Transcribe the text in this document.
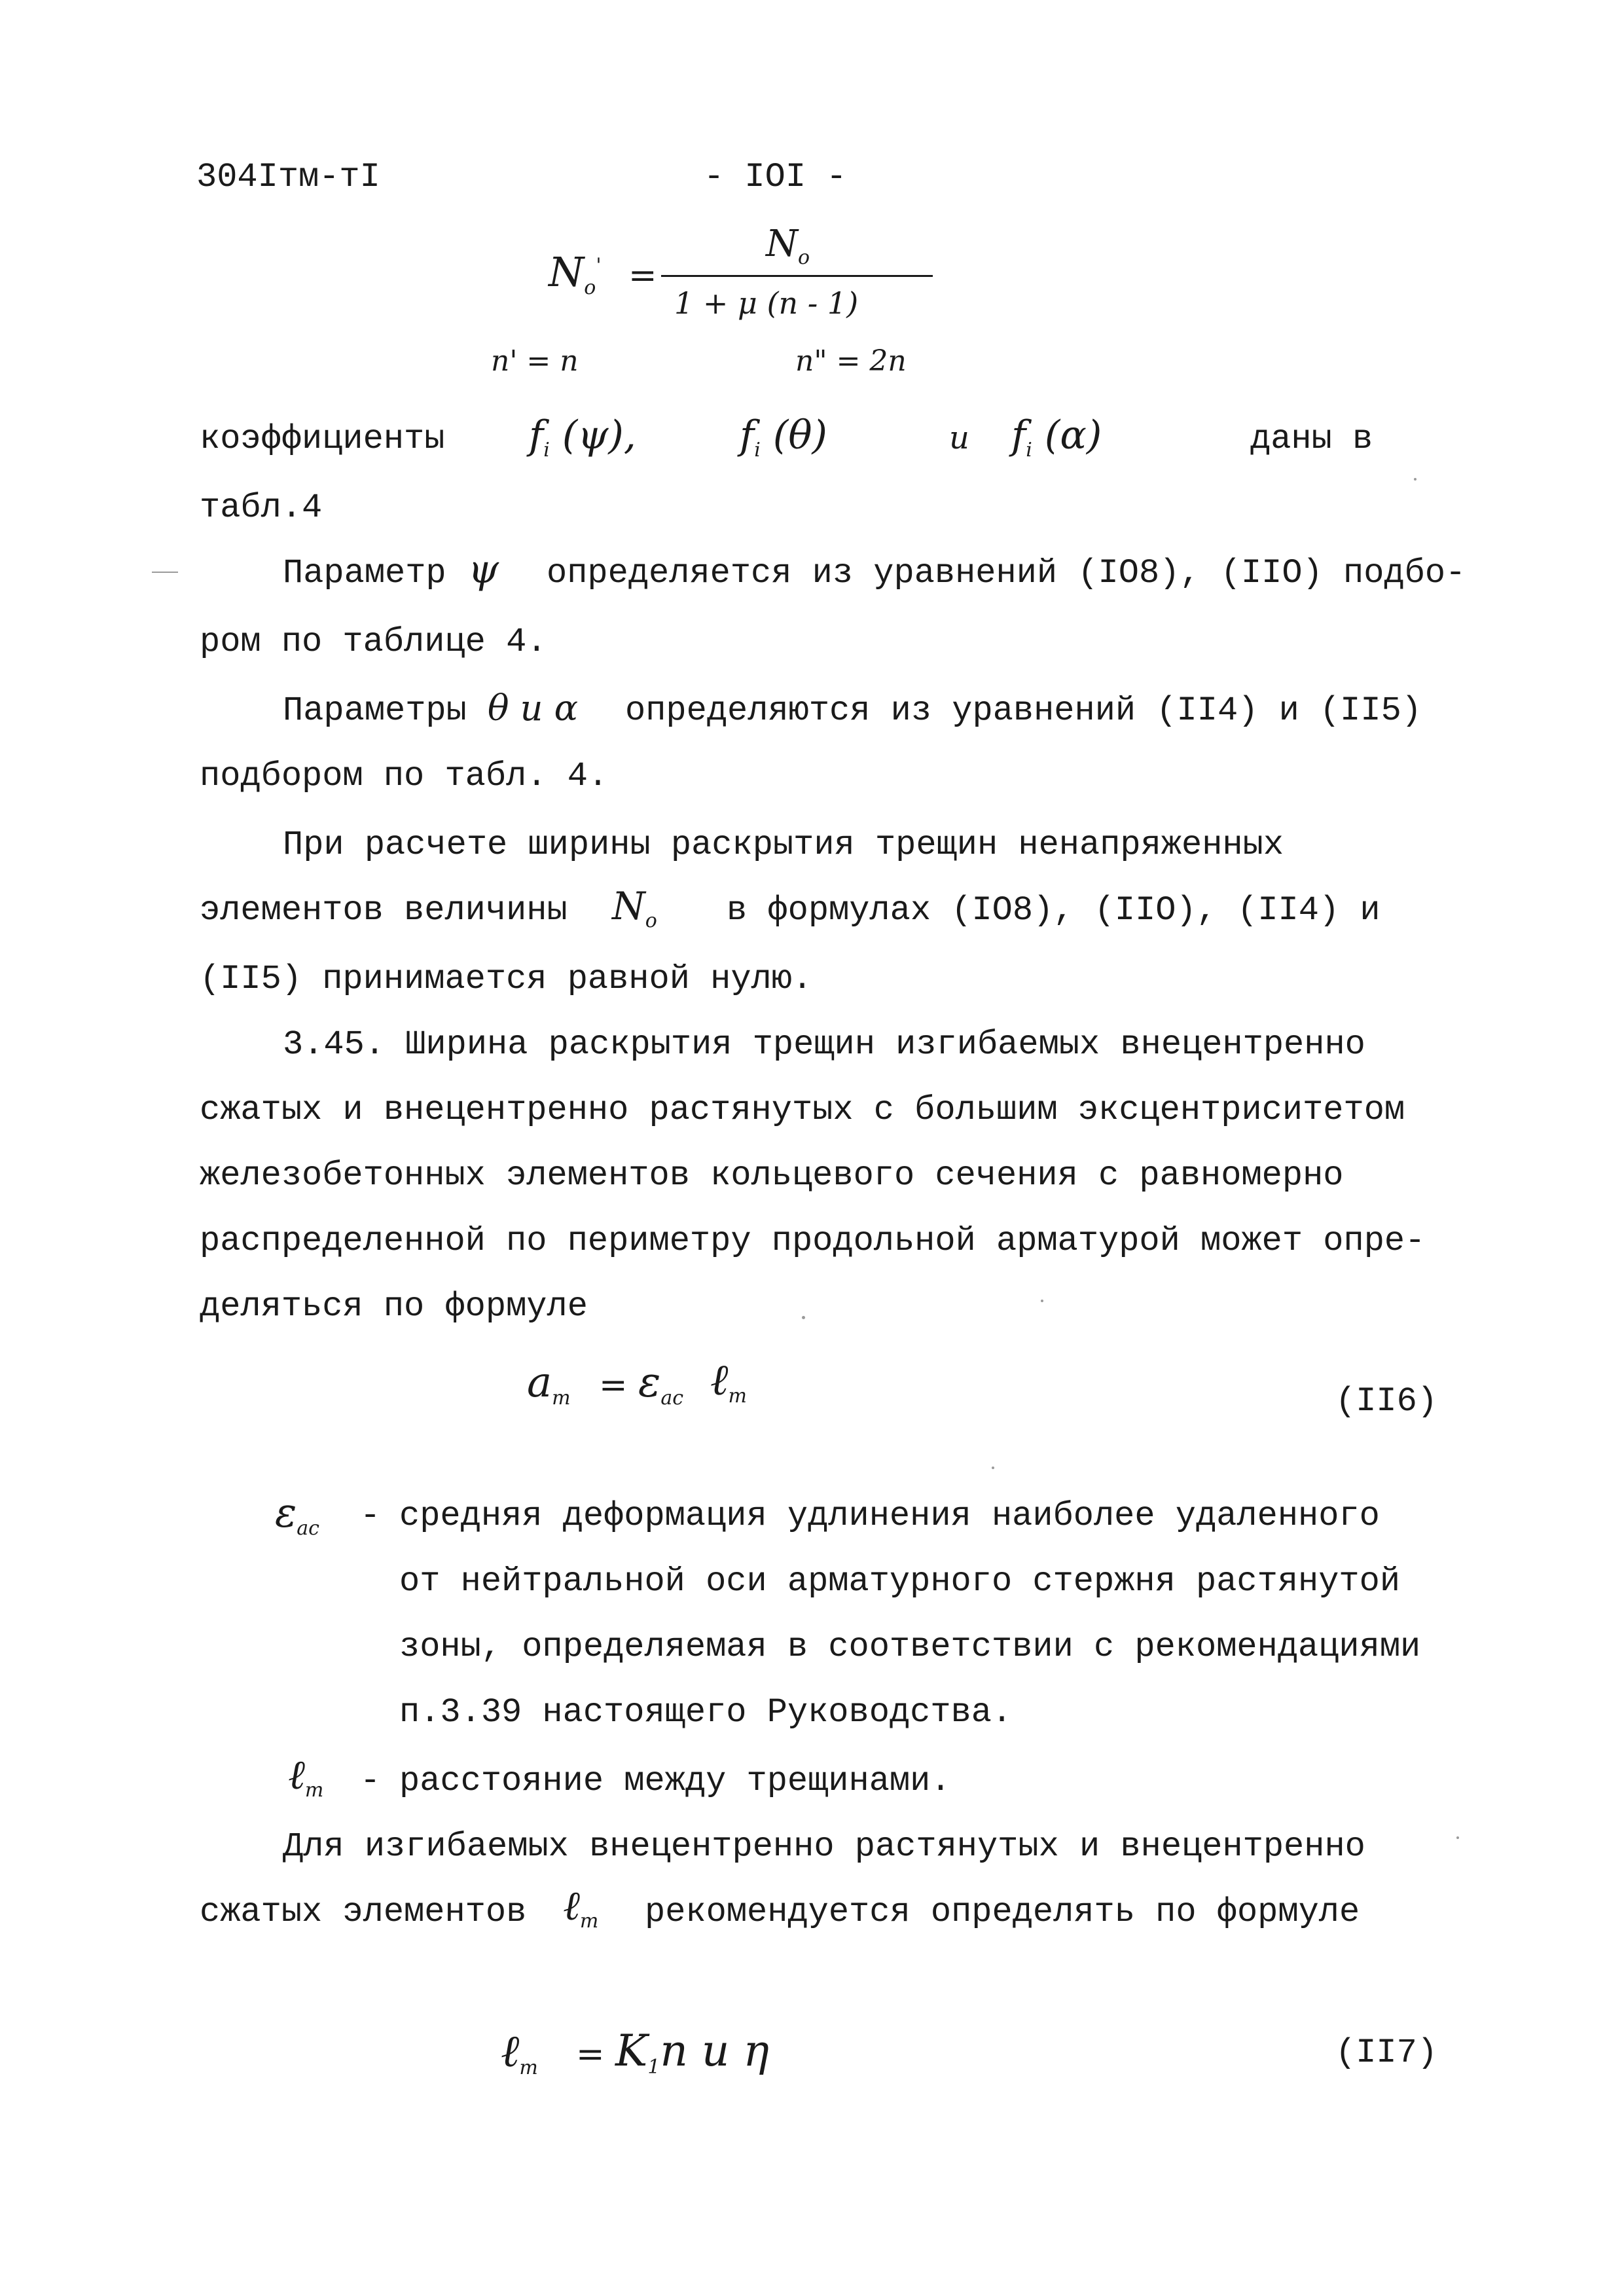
304Iтм-тI	- IOI -
$N_o'$ =
$N_o$
1 + μ (n - 1)
n' = n	n" = 2n
коэффициенты $f_i$ (ψ),	$f_i$ (θ)	и $f_i$ (α)	даны в
табл.4
Параметр ψ определяется из уравнений (IO8), (IIO) подбо-
ром по таблице 4.
Параметры θ и α определяются из уравнений (II4) и (II5)
подбором по табл. 4.
При расчете ширины раскрытия трещин ненапряженных
элементов величины $N_o$ в формулах (IO8), (IIO), (II4) и
(II5) принимается равной нулю.
3.45. Ширина раскрытия трещин изгибаемых внецентренно
сжатых и внецентренно растянутых с большим эксцентриситетом
железобетонных элементов кольцевого сечения с равномерно
распределенной по периметру продольной арматурой может опре-
деляться по формуле
$a_т = \varepsilon_{ac}$ ℓ$_т$	(II6)
$\varepsilon_{ac}$ - средняя деформация удлинения наиболее удаленного
от нейтральной оси арматурного стержня растянутой
зоны, определяемая в соответствии с рекомендациями
п.3.39 настоящего Руководства.
ℓ$_т$ - расстояние между трещинами.
Для изгибаемых внецентренно растянутых и внецентренно
сжатых элементов ℓ$_т$ рекомендуется определять по формуле
ℓ$_т$ = $K_1n$ u η	(II7)
